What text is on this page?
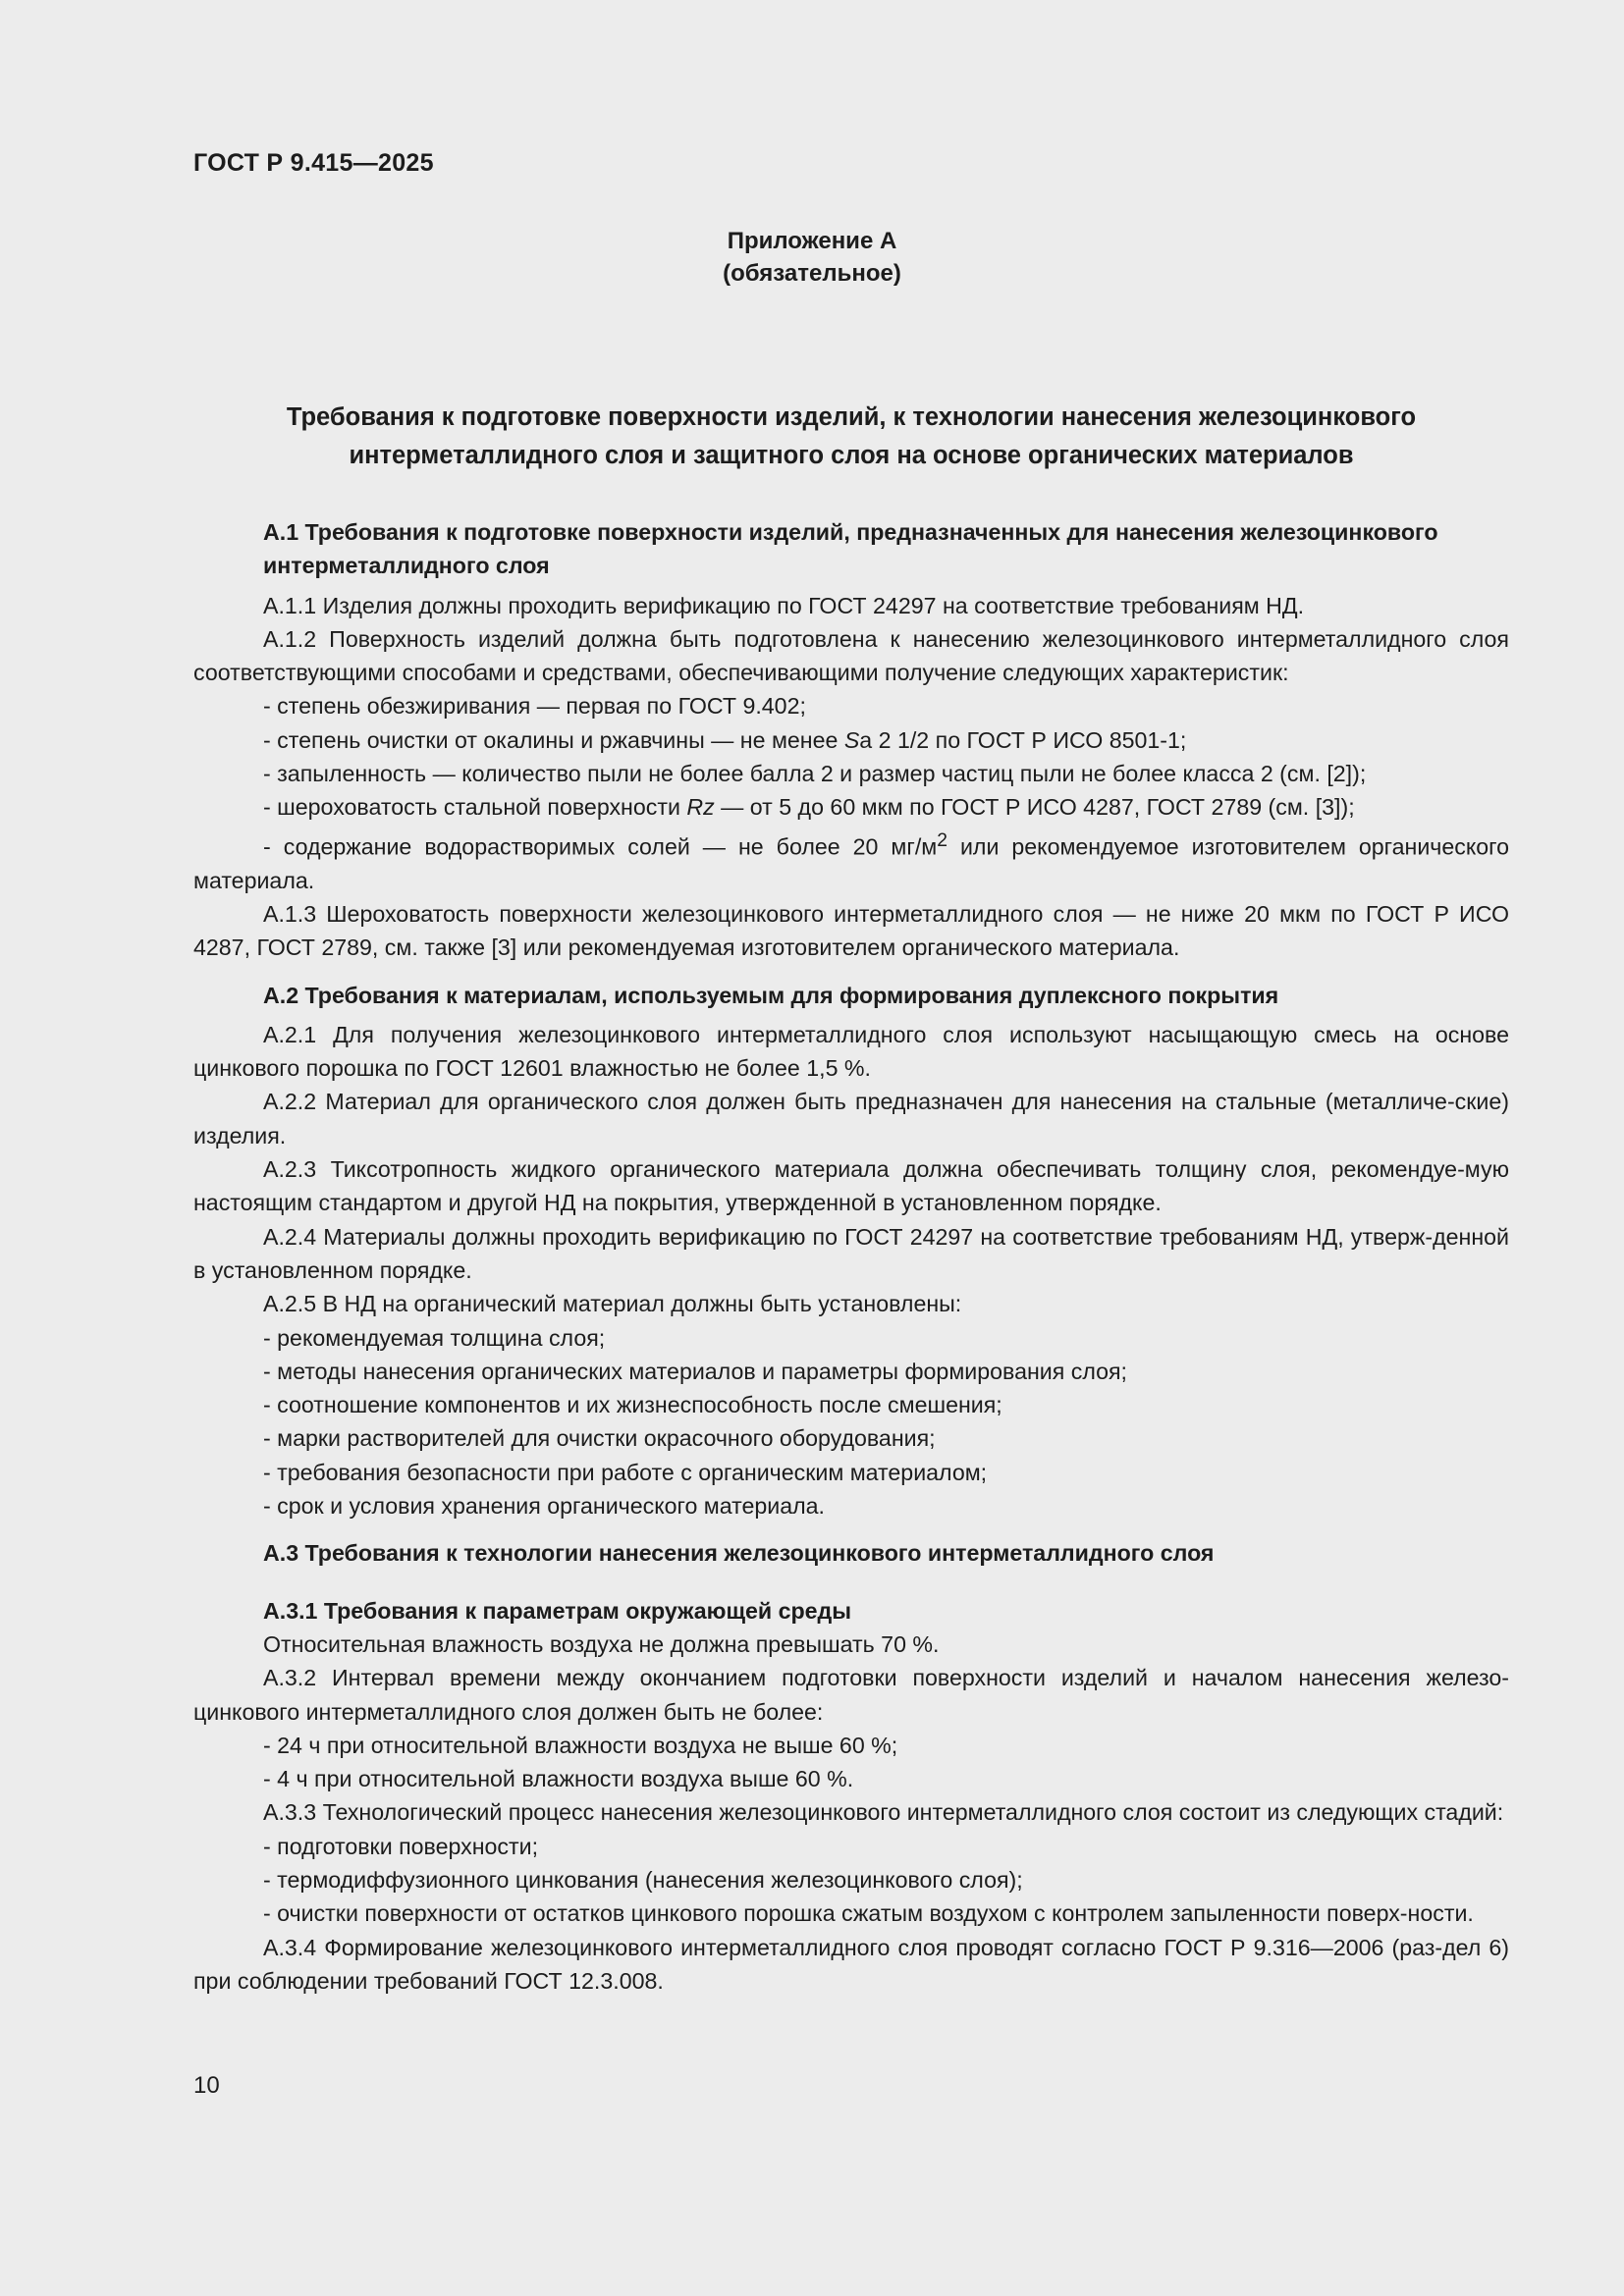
ГОСТ Р 9.415—2025
Приложение А
(обязательное)
Требования к подготовке поверхности изделий, к технологии нанесения железоцинкового интерметаллидного слоя и защитного слоя на основе органических материалов

А.1 Требования к подготовке поверхности изделий, предназначенных для нанесения железоцинкового интерметаллидного слоя

А.1.1 Изделия должны проходить верификацию по ГОСТ 24297 на соответствие требованиям НД.

А.1.2 Поверхность изделий должна быть подготовлена к нанесению железоцинкового интерметаллидного слоя соответствующими способами и средствами, обеспечивающими получение следующих характеристик:

- степень обезжиривания — первая по ГОСТ 9.402;

- степень очистки от окалины и ржавчины — не менее Sа 2 1/2 по ГОСТ Р ИСО 8501-1;

- запыленность — количество пыли не более балла 2 и размер частиц пыли не более класса 2 (см. [2]);

- шероховатость стальной поверхности Rz — от 5 до 60 мкм по ГОСТ Р ИСО 4287, ГОСТ 2789 (см. [3]);

- содержание водорастворимых солей — не более 20 $мг/м^2$ или рекомендуемое изготовителем органического материала.

А.1.3 Шероховатость поверхности железоцинкового интерметаллидного слоя — не ниже 20 мкм по ГОСТ Р ИСО 4287, ГОСТ 2789, см. также [3] или рекомендуемая изготовителем органического материала.

А.2 Требования к материалам, используемым для формирования дуплексного покрытия

А.2.1 Для получения железоцинкового интерметаллидного слоя используют насыщающую смесь на основе цинкового порошка по ГОСТ 12601 влажностью не более 1,5 %.

А.2.2 Материал для органического слоя должен быть предназначен для нанесения на стальные (металличе-ские) изделия.

А.2.3 Тиксотропность жидкого органического материала должна обеспечивать толщину слоя, рекомендуе-мую настоящим стандартом и другой НД на покрытия, утвержденной в установленном порядке.

А.2.4 Материалы должны проходить верификацию по ГОСТ 24297 на соответствие требованиям НД, утверж-денной в установленном порядке.

А.2.5 В НД на органический материал должны быть установлены:

- рекомендуемая толщина слоя;

- методы нанесения органических материалов и параметры формирования слоя;

- соотношение компонентов и их жизнеспособность после смешения;

- марки растворителей для очистки окрасочного оборудования;

- требования безопасности при работе с органическим материалом;

- срок и условия хранения органического материала.

А.3 Требования к технологии нанесения железоцинкового интерметаллидного слоя

А.3.1 Требования к параметрам окружающей среды

Относительная влажность воздуха не должна превышать 70 %.

А.3.2 Интервал времени между окончанием подготовки поверхности изделий и началом нанесения железо-цинкового интерметаллидного слоя должен быть не более:

- 24 ч при относительной влажности воздуха не выше 60 %;

- 4 ч при относительной влажности воздуха выше 60 %.

А.3.3 Технологический процесс нанесения железоцинкового интерметаллидного слоя состоит из следующих стадий:

- подготовки поверхности;

- термодиффузионного цинкования (нанесения железоцинкового слоя);

- очистки поверхности от остатков цинкового порошка сжатым воздухом с контролем запыленности поверх-ности.

А.3.4 Формирование железоцинкового интерметаллидного слоя проводят согласно ГОСТ Р 9.316—2006 (раз-дел 6) при соблюдении требований ГОСТ 12.3.008.

10
